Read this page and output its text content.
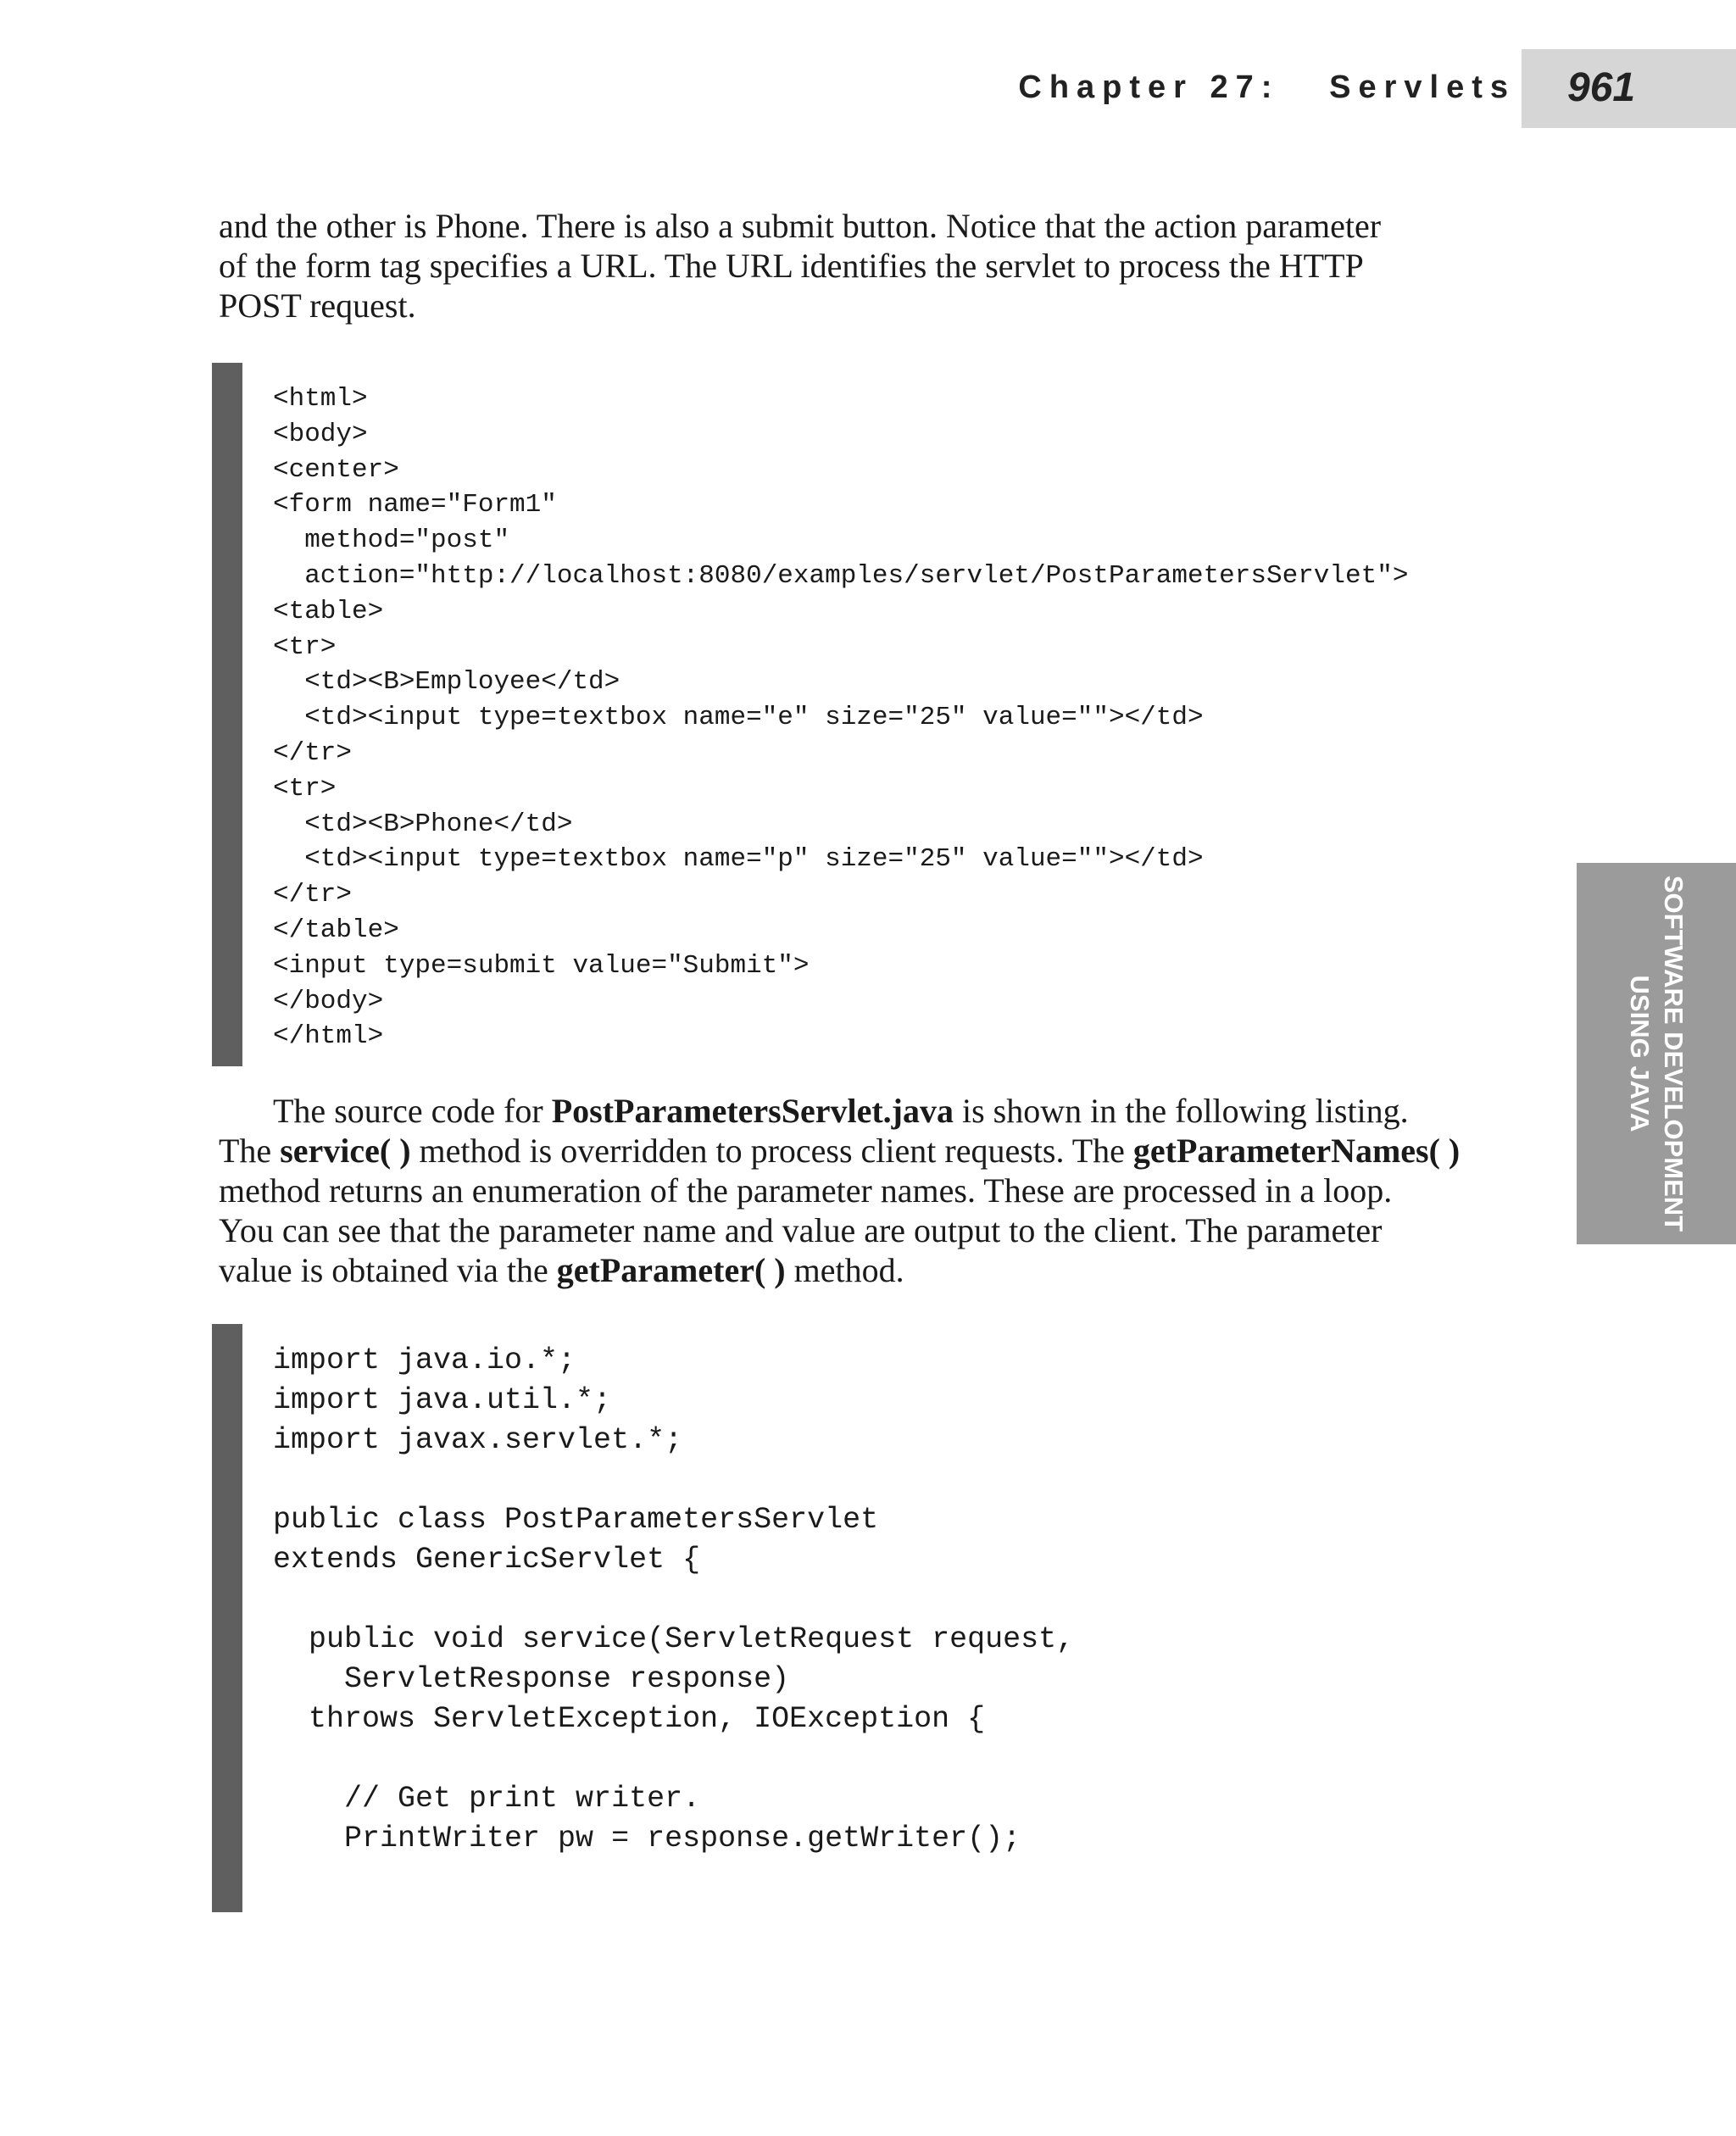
Chapter 27:   Servlets 961
SOFTWARE DEVELOPMENT
USING JAVA

and the other is Phone. There is also a submit button. Notice that the action parameter
of the form tag specifies a URL. The URL identifies the servlet to process the HTTP
POST request.

<html>
<body>
<center>
<form name="Form1"
method="post"
action="http://localhost:8080/examples/servlet/PostParametersServlet">
<table>
<tr>
<td><B>Employee</td>
<td><input type=textbox name="e" size="25" value=""></td>
</tr>
<tr>
<td><B>Phone</td>
<td><input type=textbox name="p" size="25" value=""></td>
</tr>
</table>
<input type=submit value="Submit">
</body>
</html>

The source code for PostParametersServlet.java is shown in the following listing.
The service( ) method is overridden to process client requests. The getParameterNames( )
method returns an enumeration of the parameter names. These are processed in a loop.
You can see that the parameter name and value are output to the client. The parameter
value is obtained via the getParameter( ) method.

import java.io.*;
import java.util.*;
import javax.servlet.*;

public class PostParametersServlet
extends GenericServlet {

public void service(ServletRequest request,
ServletResponse response)
throws ServletException, IOException {

// Get print writer.
PrintWriter pw = response.getWriter();
